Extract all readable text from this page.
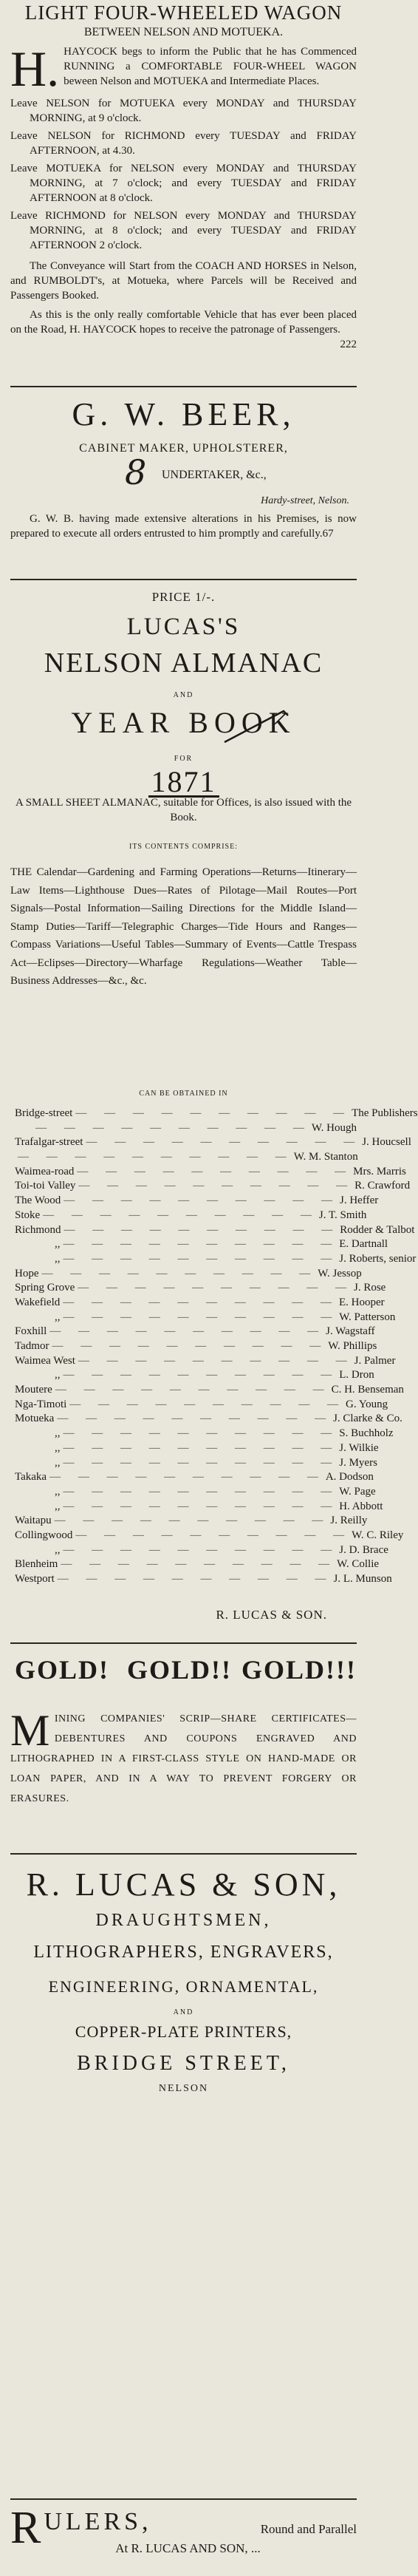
LIGHT FOUR-WHEELED WAGON
BETWEEN NELSON AND MOTUEKA.
H. HAYCOCK begs to inform the Public that he has Commenced RUNNING a COMFORTABLE FOUR-WHEEL WAGON beween Nelson and MOTUEKA and Intermediate Places.

Leave NELSON for MOTUEKA every MONDAY and THURSDAY MORNING, at 9 o'clock.

Leave NELSON for RICHMOND every TUESDAY and FRIDAY AFTERNOON, at 4.30.

Leave MOTUEKA for NELSON every MONDAY and THURSDAY MORNING, at 7 o'clock; and every TUESDAY and FRIDAY AFTERNOON at 8 o'clock.

Leave RICHMOND for NELSON every MONDAY and THURSDAY MORNING, at 8 o'clock; and every TUESDAY and FRIDAY AFTERNOON 2 o'clock.

The Conveyance will Start from the COACH AND HORSES in Nelson, and RUMBOLDT's, at Motueka, where Parcels will be Received and Passengers Booked.

As this is the only really comfortable Vehicle that has ever been placed on the Road, H. HAYCOCK hopes to receive the patronage of Passengers.
222

G. W. BEER,
CABINET MAKER, UPHOLSTERER,
8 UNDERTAKER, &c.,
Hardy-street, Nelson.

G. W. B. having made extensive alterations in his Premises, is now prepared to execute all orders entrusted to him promptly and carefully.67

PRICE 1/-.
LUCAS'S
NELSON ALMANAC
AND
YEAR BOOK
FOR
1871
A SMALL SHEET ALMANAC, suitable for Offices, is also issued with the Book.
ITS CONTENTS COMPRISE:
THE Calendar—Gardening and Farming Operations—Returns—Itinerary—Law Items—Lighthouse Dues—Rates of Pilotage—Mail Routes—Port Signals—Postal Information—Sailing Directions for the Middle Island—Stamp Duties—Tariff—Telegraphic Charges—Tide Hours and Ranges—Compass Variations—Useful Tables—Summary of Events—Cattle Trespass Act—Eclipses—Directory—Wharfage Regulations—Weather Table—Business Addresses—&c., &c.
CAN BE OBTAINED IN
Bridge-street — — — — — — — — — — The Publishers
— — — — — — — — — — W. Hough
Trafalgar-street — — — — — — — — — — J. Houcsell
— — — — — — — — — — W. M. Stanton
Waimea-road — — — — — — — — — — Mrs. Marris
Toi-toi Valley — — — — — — — — — — R. Crawford
The Wood — — — — — — — — — — J. Heffer
Stoke — — — — — — — — — — J. T. Smith
Richmond — — — — — — — — — — Rodder & Talbot
,, — — — — — — — — — — E. Dartnall
,, — — — — — — — — — — J. Roberts, senior
Hope — — — — — — — — — — W. Jessop
Spring Grove — — — — — — — — — — J. Rose
Wakefield — — — — — — — — — — E. Hooper
,, — — — — — — — — — — W. Patterson
Foxhill — — — — — — — — — — J. Wagstaff
Tadmor — — — — — — — — — — W. Phillips
Waimea West — — — — — — — — — — J. Palmer
,, — — — — — — — — — — L. Dron
Moutere — — — — — — — — — — C. H. Benseman
Nga-Timoti — — — — — — — — — — G. Young
Motueka — — — — — — — — — — J. Clarke & Co.
,, — — — — — — — — — — S. Buchholz
,, — — — — — — — — — — J. Wilkie
,, — — — — — — — — — — J. Myers
Takaka — — — — — — — — — — A. Dodson
,, — — — — — — — — — — W. Page
,, — — — — — — — — — — H. Abbott
Waitapu — — — — — — — — — — J. Reilly
Collingwood — — — — — — — — — — W. C. Riley
,, — — — — — — — — — — J. D. Brace
Blenheim — — — — — — — — — — W. Collie
Westport — — — — — — — — — — J. L. Munson
R. LUCAS & SON.
GOLD! GOLD!! GOLD!!!
M INING COMPANIES' SCRIP—SHARE CERTIFICATES—DEBENTURES AND COUPONS ENGRAVED AND LITHOGRAPHED IN A FIRST-CLASS STYLE ON HAND-MADE OR LOAN PAPER, AND IN A WAY TO PREVENT FORGERY OR ERASURES.
R. LUCAS & SON,
DRAUGHTSMEN,
LITHOGRAPHERS, ENGRAVERS,
ENGINEERING, ORNAMENTAL,
AND
COPPER-PLATE PRINTERS,
BRIDGE STREET,
NELSON
R ULERS,	Round and Parallel
At R. LUCAS AND SON, ...
